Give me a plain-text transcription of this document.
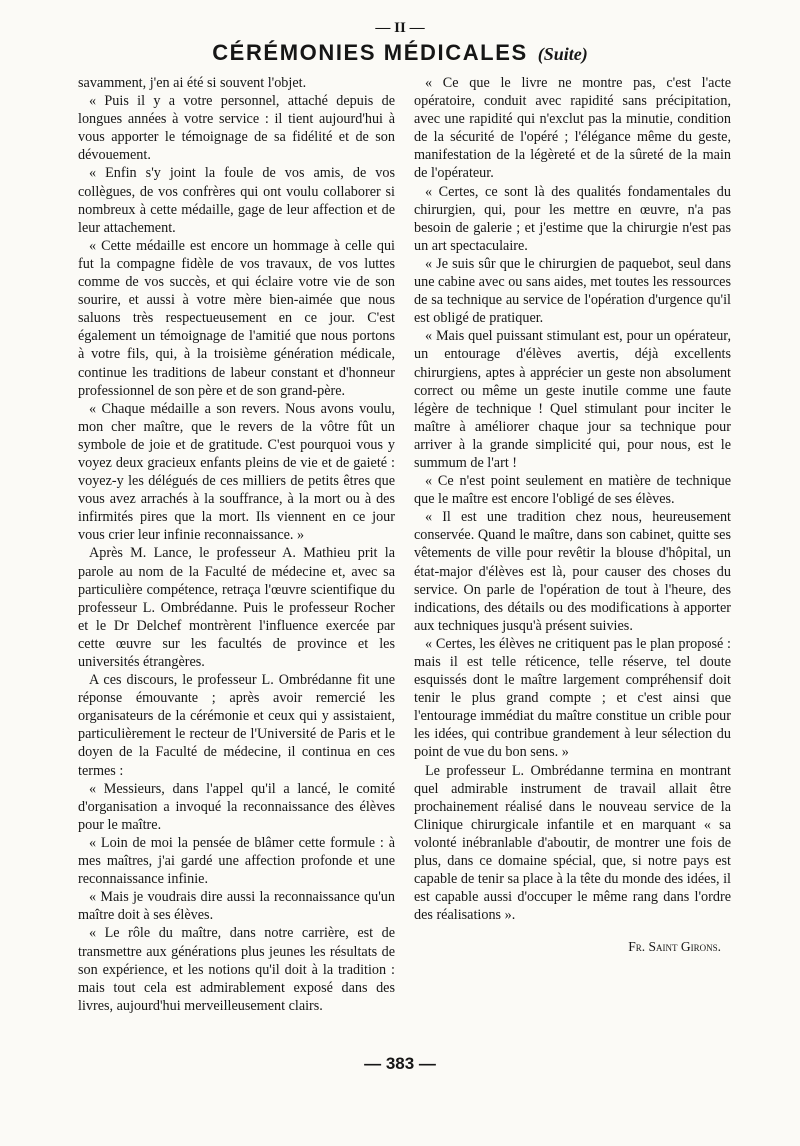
— II —
CÉRÉMONIES MÉDICALES (Suite)

savamment, j'en ai été si souvent l'objet.

« Puis il y a votre personnel, attaché depuis de longues années à votre service : il tient aujourd'hui à vous apporter le témoignage de sa fidélité et de son dévouement.

« Enfin s'y joint la foule de vos amis, de vos collègues, de vos confrères qui ont voulu collaborer si nombreux à cette médaille, gage de leur affection et de leur attachement.

« Cette médaille est encore un hommage à celle qui fut la compagne fidèle de vos travaux, de vos luttes comme de vos succès, et qui éclaire votre vie de son sourire, et aussi à votre mère bien-aimée que nous saluons très respectueusement en ce jour. C'est également un témoignage de l'amitié que nous portons à votre fils, qui, à la troisième génération médicale, continue les traditions de labeur constant et d'honneur professionnel de son père et de son grand-père.

« Chaque médaille a son revers. Nous avons voulu, mon cher maître, que le revers de la vôtre fût un symbole de joie et de gratitude. C'est pourquoi vous y voyez deux gracieux enfants pleins de vie et de gaieté : voyez-y les délégués de ces milliers de petits êtres que vous avez arrachés à la souffrance, à la mort ou à des infirmités pires que la mort. Ils viennent en ce jour vous crier leur infinie reconnaissance. »

Après M. Lance, le professeur A. Mathieu prit la parole au nom de la Faculté de médecine et, avec sa particulière compétence, retraça l'œuvre scientifique du professeur L. Ombrédanne. Puis le professeur Rocher et le Dr Delchef montrèrent l'influence exercée par cette œuvre sur les facultés de province et les universités étrangères.

A ces discours, le professeur L. Ombrédanne fit une réponse émouvante ; après avoir remercié les organisateurs de la cérémonie et ceux qui y assistaient, particulièrement le recteur de l'Université de Paris et le doyen de la Faculté de médecine, il continua en ces termes :

« Messieurs, dans l'appel qu'il a lancé, le comité d'organisation a invoqué la reconnaissance des élèves pour le maître.

« Loin de moi la pensée de blâmer cette formule : à mes maîtres, j'ai gardé une affection profonde et une reconnaissance infinie.

« Mais je voudrais dire aussi la reconnaissance qu'un maître doit à ses élèves.

« Le rôle du maître, dans notre carrière, est de transmettre aux générations plus jeunes les résultats de son expérience, et les notions qu'il doit à la tradition : mais tout cela est admirablement exposé dans des livres, aujourd'hui merveilleusement clairs.

« Ce que le livre ne montre pas, c'est l'acte opératoire, conduit avec rapidité sans précipitation, avec une rapidité qui n'exclut pas la minutie, condition de la sécurité de l'opéré ; l'élégance même du geste, manifestation de la légèreté et de la sûreté de la main de l'opérateur.

« Certes, ce sont là des qualités fondamentales du chirurgien, qui, pour les mettre en œuvre, n'a pas besoin de galerie ; et j'estime que la chirurgie n'est pas un art spectaculaire.

« Je suis sûr que le chirurgien de paquebot, seul dans une cabine avec ou sans aides, met toutes les ressources de sa technique au service de l'opération d'urgence qu'il est obligé de pratiquer.

« Mais quel puissant stimulant est, pour un opérateur, un entourage d'élèves avertis, déjà excellents chirurgiens, aptes à apprécier un geste non absolument correct ou même un geste inutile comme une faute légère de technique ! Quel stimulant pour inciter le maître à améliorer chaque jour sa technique pour arriver à la grande simplicité qui, pour nous, est le summum de l'art !

« Ce n'est point seulement en matière de technique que le maître est encore l'obligé de ses élèves.

« Il est une tradition chez nous, heureusement conservée. Quand le maître, dans son cabinet, quitte ses vêtements de ville pour revêtir la blouse d'hôpital, un état-major d'élèves est là, pour causer des choses du service. On parle de l'opération de tout à l'heure, des indications, des détails ou des modifications à apporter aux techniques jusqu'à présent suivies.

« Certes, les élèves ne critiquent pas le plan proposé : mais il est telle réticence, telle réserve, tel doute esquissés dont le maître largement compréhensif doit tenir le plus grand compte ; et c'est ainsi que l'entourage immédiat du maître constitue un crible pour les idées, qui contribue grandement à leur sélection du point de vue du bon sens. »

Le professeur L. Ombrédanne termina en montrant quel admirable instrument de travail allait être prochainement réalisé dans le nouveau service de la Clinique chirurgicale infantile et en marquant « sa volonté inébranlable d'aboutir, de montrer une fois de plus, dans ce domaine spécial, que, si notre pays est capable de tenir sa place à la tête du monde des idées, il est capable aussi d'occuper le même rang dans l'ordre des réalisations ».

Fr. Saint Girons.

— 383 —
